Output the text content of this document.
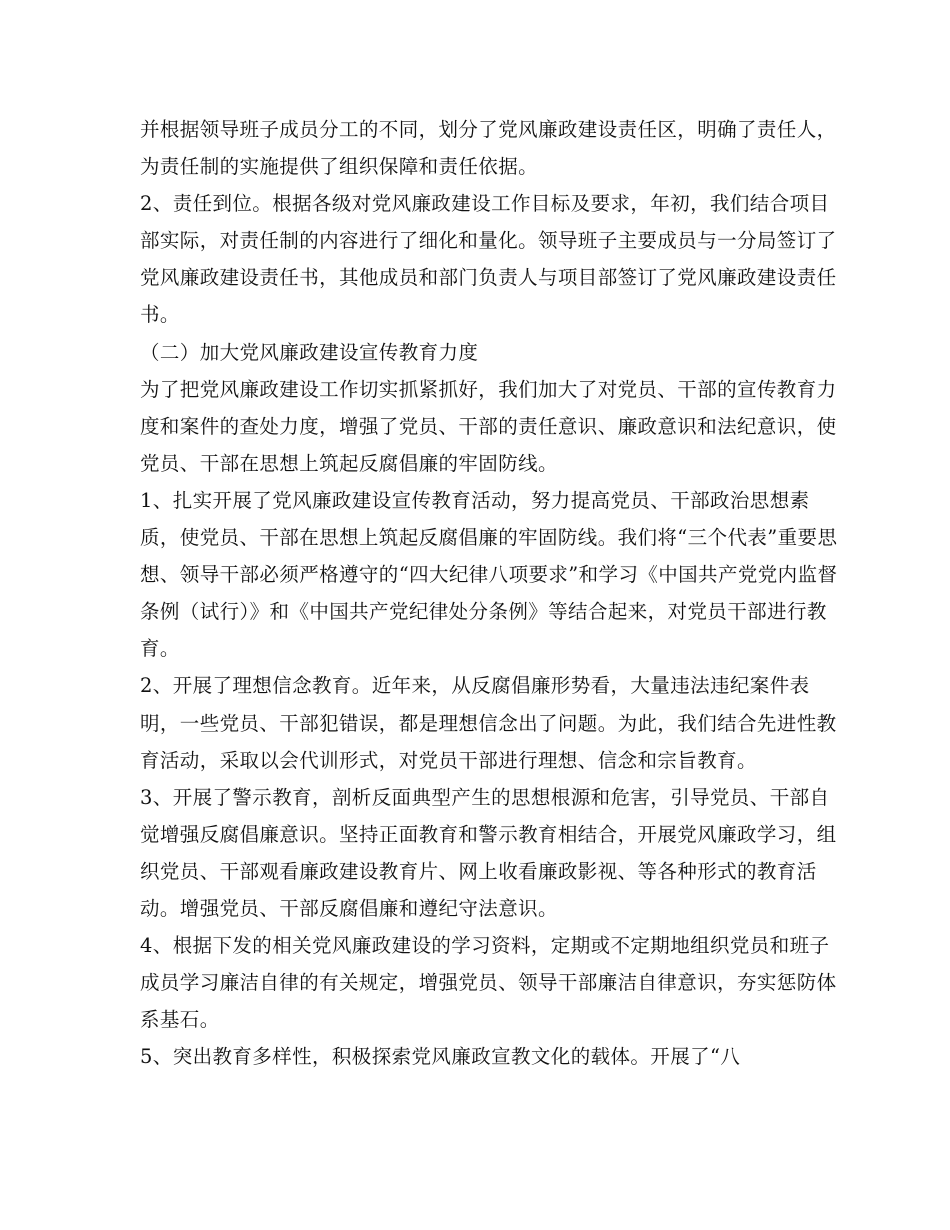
并根据领导班子成员分工的不同，划分了党风廉政建设责任区，明确了责任人，为责任制的实施提供了组织保障和责任依据。

2、责任到位。根据各级对党风廉政建设工作目标及要求，年初，我们结合项目部实际，对责任制的内容进行了细化和量化。领导班子主要成员与一分局签订了党风廉政建设责任书，其他成员和部门负责人与项目部签订了党风廉政建设责任书。

（二）加大党风廉政建设宣传教育力度

为了把党风廉政建设工作切实抓紧抓好，我们加大了对党员、干部的宣传教育力度和案件的查处力度，增强了党员、干部的责任意识、廉政意识和法纪意识，使党员、干部在思想上筑起反腐倡廉的牢固防线。

1、扎实开展了党风廉政建设宣传教育活动，努力提高党员、干部政治思想素质，使党员、干部在思想上筑起反腐倡廉的牢固防线。我们将“三个代表”重要思想、领导干部必须严格遵守的“四大纪律八项要求”和学习《中国共产党党内监督条例（试行）》和《中国共产党纪律处分条例》等结合起来，对党员干部进行教育。

2、开展了理想信念教育。近年来，从反腐倡廉形势看，大量违法违纪案件表明，一些党员、干部犯错误，都是理想信念出了问题。为此，我们结合先进性教育活动，采取以会代训形式，对党员干部进行理想、信念和宗旨教育。

3、开展了警示教育，剖析反面典型产生的思想根源和危害，引导党员、干部自觉增强反腐倡廉意识。坚持正面教育和警示教育相结合，开展党风廉政学习，组织党员、干部观看廉政建设教育片、网上收看廉政影视、等各种形式的教育活动。增强党员、干部反腐倡廉和遵纪守法意识。

4、根据下发的相关党风廉政建设的学习资料，定期或不定期地组织党员和班子成员学习廉洁自律的有关规定，增强党员、领导干部廉洁自律意识，夯实惩防体系基石。

5、突出教育多样性，积极探索党风廉政宣教文化的载体。开展了“八
